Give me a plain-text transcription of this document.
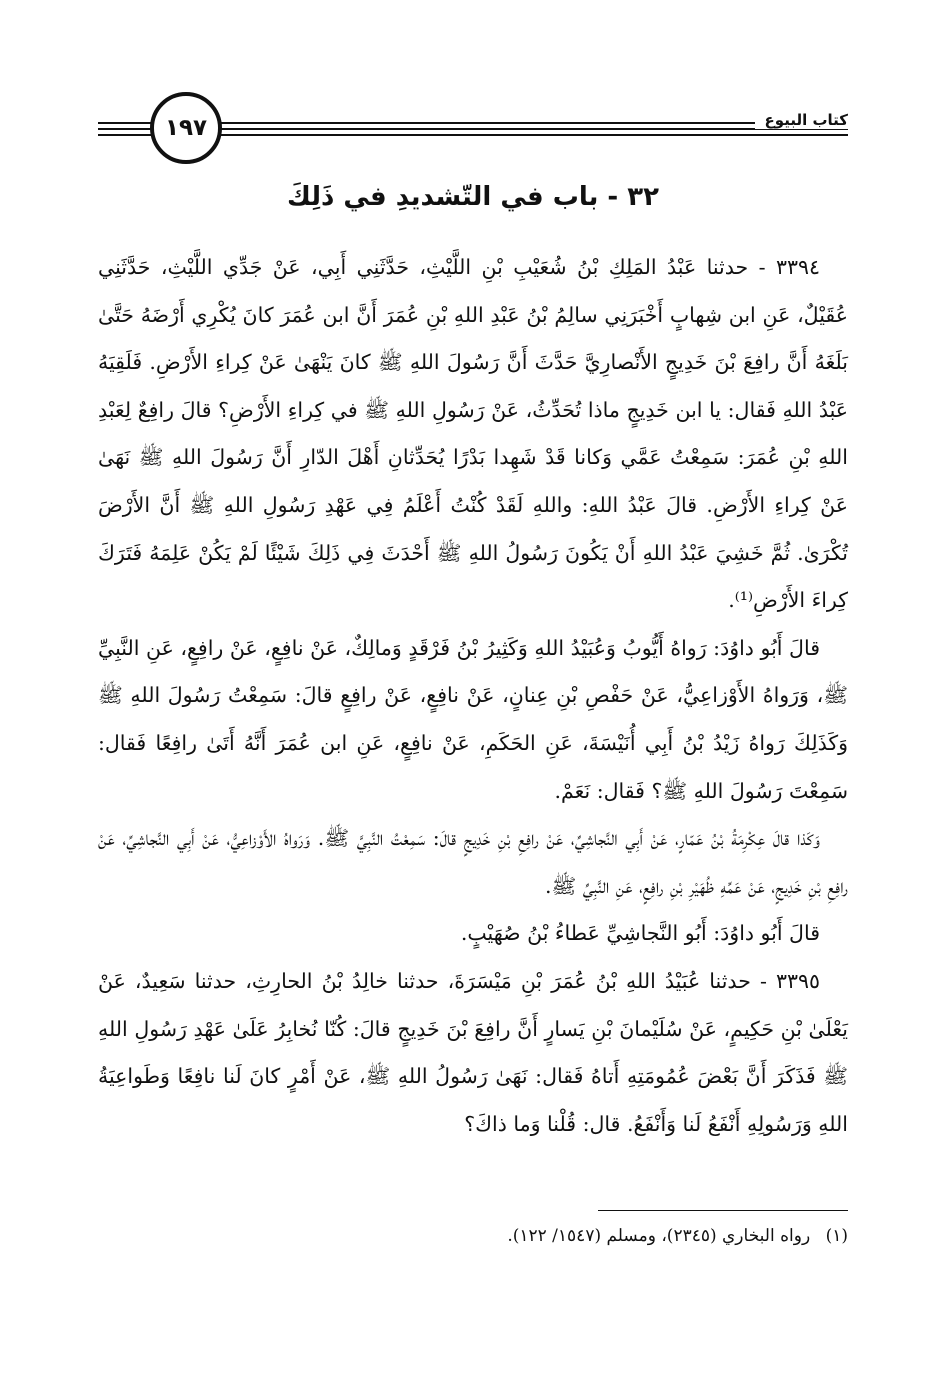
كتاب البيوع
١٩٧
٣٢ - باب في التّشديدِ في ذَلِكَ

٣٣٩٤ - حدثنا عَبْدُ المَلِكِ بْنُ شُعَيْبِ بْنِ اللَّيْثِ، حَدَّثَنِي أَبِي، عَنْ جَدِّي اللَّيْثِ، حَدَّثَنِي عُقَيْلٌ، عَنِ ابن شِهابٍ أَخْبَرَنِي سالِمُ بْنُ عَبْدِ اللهِ بْنِ عُمَرَ أَنَّ ابن عُمَرَ كانَ يُكْرِي أَرْضَهُ حَتَّىٰ بَلَغَهُ أَنَّ رافِعَ بْنَ خَدِيجٍ الأَنْصارِيَّ حَدَّثَ أَنَّ رَسُولَ اللهِ ﷺ كانَ يَنْهَىٰ عَنْ كِراءِ الأَرْضِ. فَلَقِيَهُ عَبْدُ اللهِ فَقال: يا ابن خَدِيجٍ ماذا تُحَدِّثُ، عَنْ رَسُولِ اللهِ ﷺ في كِراءِ الأَرْضِ؟ قالَ رافِعٌ لِعَبْدِ اللهِ بْنِ عُمَرَ: سَمِعْتُ عَمَّي وَكانا قَدْ شَهِدا بَدْرًا يُحَدِّثانِ أَهْلَ الدّارِ أَنَّ رَسُولَ اللهِ ﷺ نَهَىٰ عَنْ كِراءِ الأَرْضِ. قالَ عَبْدُ اللهِ: واللهِ لَقَدْ كُنْتُ أَعْلَمُ فِي عَهْدِ رَسُولِ اللهِ ﷺ أَنَّ الأَرْضَ تُكْرَىٰ. ثُمَّ خَشِيَ عَبْدُ اللهِ أَنْ يَكُونَ رَسُولُ اللهِ ﷺ أَحْدَثَ فِي ذَلِكَ شَيْئًا لَمْ يَكُنْ عَلِمَهُ فَتَرَكَ كِراءَ الأَرْضِ⁽¹⁾.

قالَ أَبُو داوُدَ: رَواهُ أَيُّوبُ وَعُبَيْدُ اللهِ وَكَثِيرُ بْنُ فَرْقَدٍ وَمالِكٌ، عَنْ نافِعٍ، عَنْ رافِعٍ، عَنِ النَّبِيِّ ﷺ، وَرَواهُ الأَوْزاعِيُّ، عَنْ حَفْصِ بْنِ عِنانٍ، عَنْ نافِعٍ، عَنْ رافِعٍ قالَ: سَمِعْتُ رَسُولَ اللهِ ﷺ وَكَذَلِكَ رَواهُ زَيْدُ بْنُ أَبِي أُنَيْسَةَ، عَنِ الحَكَمِ، عَنْ نافِعٍ، عَنِ ابن عُمَرَ أَنَّهُ أَتَىٰ رافِعًا فَقال: سَمِعْتَ رَسُولَ اللهِ ﷺ؟ فَقال: نَعَمْ.

وَكَذا قالَ عِكْرِمَةُ بْنُ عَمّارٍ، عَنْ أَبِي النَّجاشِيِّ، عَنْ رافِعِ بْنِ خَدِيجٍ قالَ: سَمِعْتُ النَّبِيَّ ﷺ. وَرَواهُ الأَوْزاعِيُّ، عَنْ أَبِي النَّجاشِيِّ، عَنْ رافِعِ بْنِ خَدِيجٍ، عَنْ عَمِّهِ ظُهَيْرِ بْنِ رافِعٍ، عَنِ النَّبِيِّ ﷺ.

قالَ أَبُو داوُدَ: أَبُو النَّجاشِيِّ عَطاءُ بْنُ صُهَيْبٍ.

٣٣٩٥ - حدثنا عُبَيْدُ اللهِ بْنُ عُمَرَ بْنِ مَيْسَرَةَ، حدثنا خالِدُ بْنُ الحارِثِ، حدثنا سَعِيدٌ، عَنْ يَعْلَىٰ بْنِ حَكِيمٍ، عَنْ سُلَيْمانَ بْنِ يَسارٍ أَنَّ رافِعَ بْنَ خَدِيجٍ قالَ: كُنّا نُخابِرُ عَلَىٰ عَهْدِ رَسُولِ اللهِ ﷺ فَذَكَرَ أَنَّ بَعْضَ عُمُومَتِهِ أَتاهُ فَقال: نَهَىٰ رَسُولُ اللهِ ﷺ، عَنْ أَمْرٍ كانَ لَنا نافِعًا وَطَواعِيَةُ اللهِ وَرَسُولِهِ أَنْفَعُ لَنا وَأَنْفَعُ. قال: قُلْنا وَما ذاكَ؟

(١) رواه البخاري (٢٣٤٥)، ومسلم (١٥٤٧/ ١٢٢).
